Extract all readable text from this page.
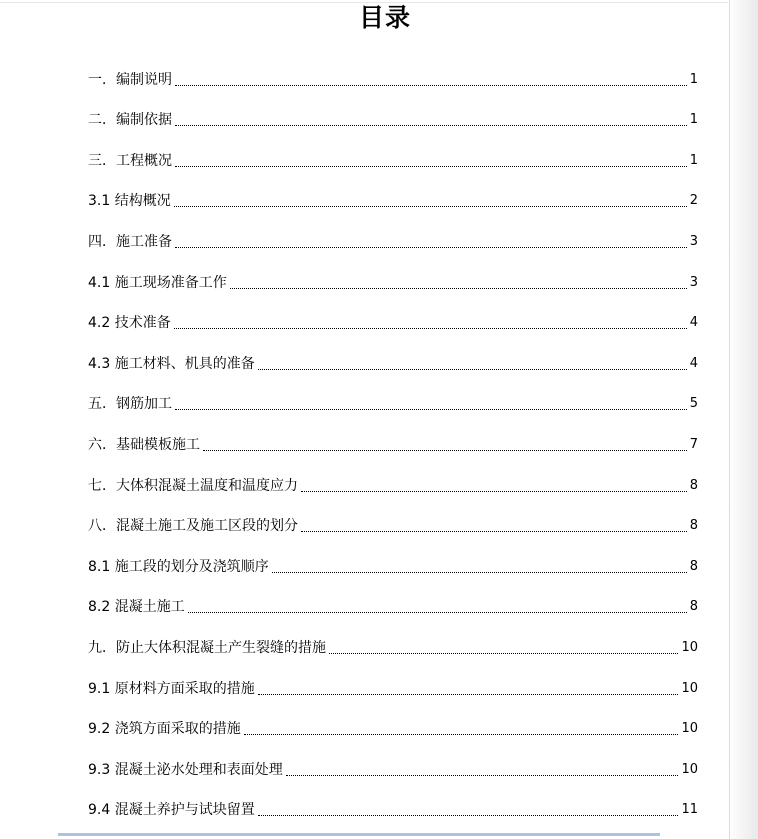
目录
一．编制说明	1
二．编制依据	1
三．工程概况	1
3.1 结构概况	2
四．施工准备	3
4.1 施工现场准备工作	3
4.2 技术准备	4
4.3 施工材料、机具的准备	4
五．钢筋加工	5
六．基础模板施工	7
七．大体积混凝土温度和温度应力	8
八．混凝土施工及施工区段的划分	8
8.1 施工段的划分及浇筑顺序	8
8.2 混凝土施工	8
九．防止大体积混凝土产生裂缝的措施	10
9.1 原材料方面采取的措施	10
9.2 浇筑方面采取的措施	10
9.3 混凝土泌水处理和表面处理	10
9.4 混凝土养护与试块留置	11
